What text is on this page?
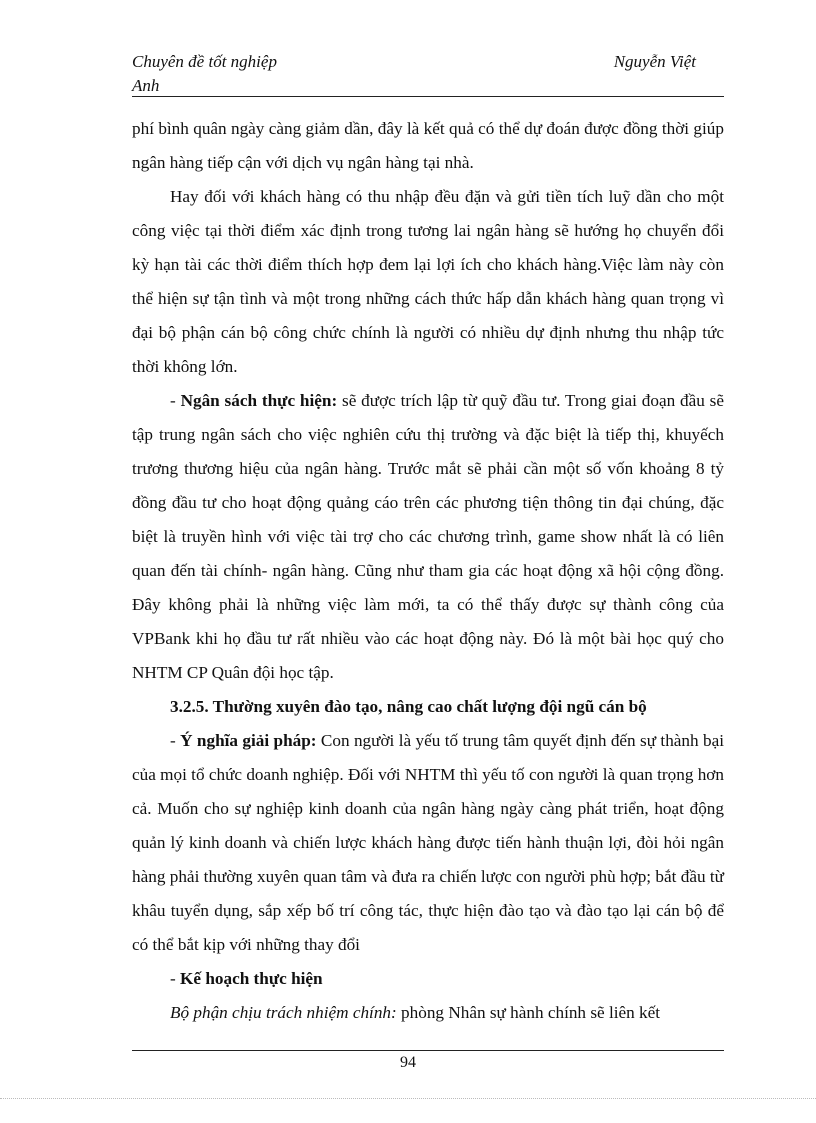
Chuyên đề tốt nghiệp
Anh
Nguyễn Việt

phí bình quân ngày càng giảm dần, đây là kết quả có thể dự đoán được đồng thời giúp ngân hàng tiếp cận với dịch vụ ngân hàng tại nhà.

Hay đối với khách hàng có thu nhập đều đặn và gửi tiền tích luỹ dần cho một công việc tại thời điểm xác định trong tương lai ngân hàng sẽ hướng họ chuyển đổi kỳ hạn tài các thời điểm thích hợp đem lại lợi ích cho khách hàng.Việc làm này còn thể hiện sự tận tình và một trong những cách thức hấp dẫn khách hàng quan trọng vì đại bộ phận cán bộ công chức chính là người có nhiều dự định nhưng thu nhập tức thời không lớn.

- Ngân sách thực hiện: sẽ được trích lập từ quỹ đầu tư. Trong giai đoạn đầu sẽ tập trung ngân sách cho việc nghiên cứu thị trường và đặc biệt là tiếp thị, khuyếch trương thương hiệu của ngân hàng. Trước mắt sẽ phải cần một số vốn khoảng 8 tỷ đồng đầu tư cho hoạt động quảng cáo trên các phương tiện thông tin đại chúng, đặc biệt là truyền hình với việc tài trợ cho các chương trình, game show nhất là có liên quan đến tài chính- ngân hàng. Cũng như tham gia các hoạt động xã hội cộng đồng. Đây không phải là những việc làm mới, ta có thể thấy được sự thành công của VPBank khi họ đầu tư rất nhiều vào các hoạt động này. Đó là một bài học quý cho NHTM CP Quân đội học tập.

3.2.5. Thường xuyên đào tạo, nâng cao chất lượng đội ngũ cán bộ

- Ý nghĩa giải pháp: Con người là yếu tố trung tâm quyết định đến sự thành bại của mọi tổ chức doanh nghiệp. Đối với NHTM thì yếu tố con người là quan trọng hơn cả. Muốn cho sự nghiệp kinh doanh của ngân hàng ngày càng phát triển, hoạt động quản lý kinh doanh và chiến lược khách hàng được tiến hành thuận lợi, đòi hỏi ngân hàng phải thường xuyên quan tâm và đưa ra chiến lược con người phù hợp; bắt đầu từ khâu tuyển dụng, sắp xếp bố trí công tác, thực hiện đào tạo và đào tạo lại cán bộ để có thể bắt kịp với những thay đổi

- Kế hoạch thực hiện

Bộ phận chịu trách nhiệm chính: phòng Nhân sự hành chính sẽ liên kết

94
